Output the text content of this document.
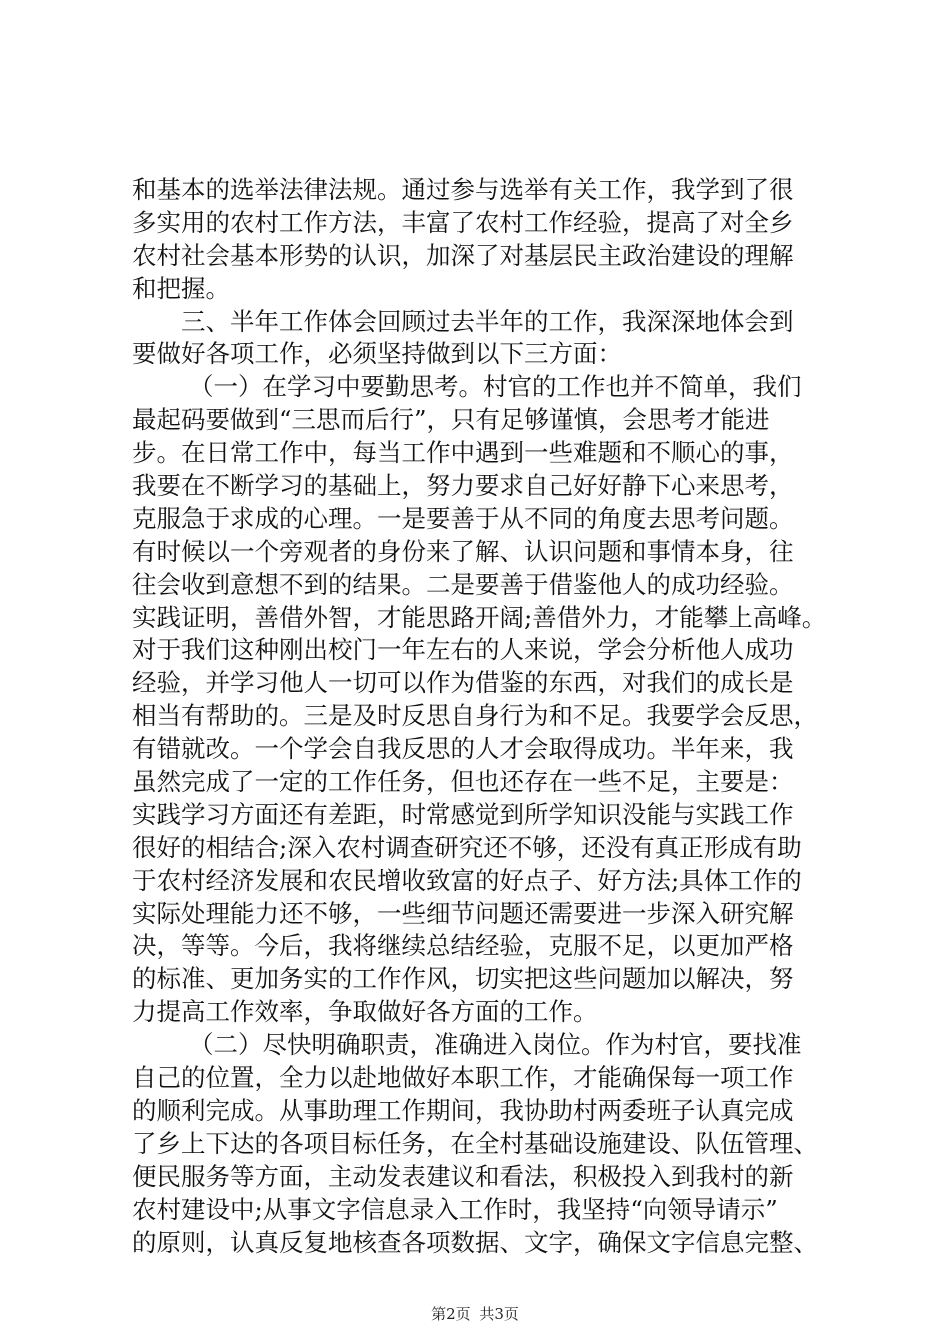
和基本的选举法律法规。通过参与选举有关工作，我学到了很
多实用的农村工作方法，丰富了农村工作经验，提高了对全乡
农村社会基本形势的认识，加深了对基层民主政治建设的理解
和把握。
三、半年工作体会回顾过去半年的工作，我深深地体会到
要做好各项工作，必须坚持做到以下三方面：
（一）在学习中要勤思考。村官的工作也并不简单，我们
最起码要做到“三思而后行”，只有足够谨慎，会思考才能进
步。在日常工作中，每当工作中遇到一些难题和不顺心的事，
我要在不断学习的基础上，努力要求自己好好静下心来思考，
克服急于求成的心理。一是要善于从不同的角度去思考问题。
有时候以一个旁观者的身份来了解、认识问题和事情本身，往
往会收到意想不到的结果。二是要善于借鉴他人的成功经验。
实践证明，善借外智，才能思路开阔;善借外力，才能攀上高峰。
对于我们这种刚出校门一年左右的人来说，学会分析他人成功
经验，并学习他人一切可以作为借鉴的东西，对我们的成长是
相当有帮助的。三是及时反思自身行为和不足。我要学会反思，
有错就改。一个学会自我反思的人才会取得成功。半年来，我
虽然完成了一定的工作任务，但也还存在一些不足，主要是：
实践学习方面还有差距，时常感觉到所学知识没能与实践工作
很好的相结合;深入农村调查研究还不够，还没有真正形成有助
于农村经济发展和农民增收致富的好点子、好方法;具体工作的
实际处理能力还不够，一些细节问题还需要进一步深入研究解
决，等等。今后，我将继续总结经验，克服不足，以更加严格
的标准、更加务实的工作作风，切实把这些问题加以解决，努
力提高工作效率，争取做好各方面的工作。
（二）尽快明确职责，准确进入岗位。作为村官，要找准
自己的位置，全力以赴地做好本职工作，才能确保每一项工作
的顺利完成。从事助理工作期间，我协助村两委班子认真完成
了乡上下达的各项目标任务，在全村基础设施建设、队伍管理、
便民服务等方面，主动发表建议和看法，积极投入到我村的新
农村建设中;从事文字信息录入工作时，我坚持“向领导请示”
的原则，认真反复地核查各项数据、文字，确保文字信息完整、
第2页 共3页
